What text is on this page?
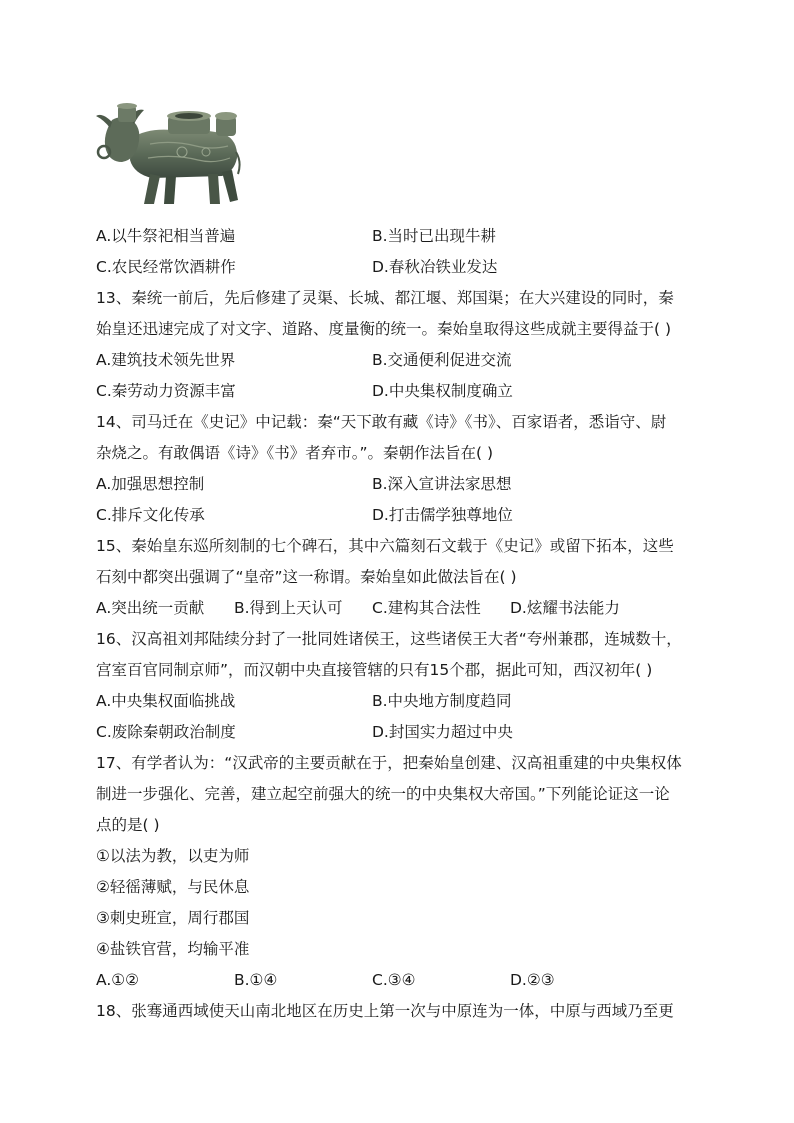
A.以牛祭祀相当普遍	B.当时已出现牛耕
C.农民经常饮酒耕作	D.春秋冶铁业发达
13、秦统一前后，先后修建了灵渠、长城、都江堰、郑国渠；在大兴建设的同时，秦
始皇还迅速完成了对文字、道路、度量衡的统一。秦始皇取得这些成就主要得益于( )
A.建筑技术领先世界	B.交通便利促进交流
C.秦劳动力资源丰富	D.中央集权制度确立
14、司马迁在《史记》中记载：秦“天下敢有藏《诗》《书》、百家语者，悉诣守、尉
杂烧之。有敢偶语《诗》《书》者弃市。”。秦朝作法旨在( )
A.加强思想控制	B.深入宣讲法家思想
C.排斥文化传承	D.打击儒学独尊地位
15、秦始皇东巡所刻制的七个碑石，其中六篇刻石文载于《史记》或留下拓本，这些
石刻中都突出强调了“皇帝”这一称谓。秦始皇如此做法旨在( )
A.突出统一贡献 B.得到上天认可 C.建构其合法性 D.炫耀书法能力
16、汉高祖刘邦陆续分封了一批同姓诸侯王，这些诸侯王大者“夸州兼郡，连城数十，
宫室百官同制京师”，而汉朝中央直接管辖的只有15个郡，据此可知，西汉初年( )
A.中央集权面临挑战	B.中央地方制度趋同
C.废除秦朝政治制度	D.封国实力超过中央
17、有学者认为：“汉武帝的主要贡献在于，把秦始皇创建、汉高祖重建的中央集权体
制进一步强化、完善，建立起空前强大的统一的中央集权大帝国。”下列能论证这一论
点的是( )
①以法为教，以吏为师
②轻徭薄赋，与民休息
③刺史班宣，周行郡国
④盐铁官营，均输平准
A.①②	B.①④	C.③④	D.②③
18、张骞通西域使天山南北地区在历史上第一次与中原连为一体，中原与西域乃至更
